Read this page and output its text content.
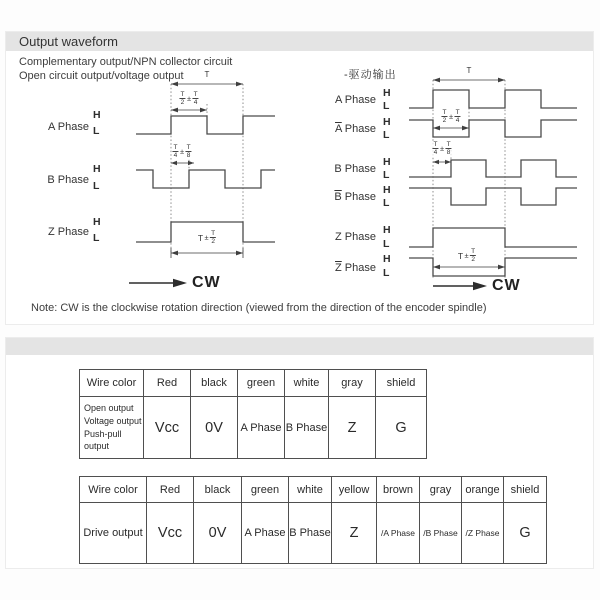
Output waveform
Complementary output/NPN collector circuit
Open circuit output/voltage output	-驱动输出
A Phase
H
L
B Phase
H
L
Z Phase
H
L
T
$\frac{T}{2} \pm \frac{T}{4}$
$\frac{T}{4} \pm \frac{T}{8}$
$T \pm \frac{T}{2}$
CW
A Phase
H
L
$\overline{A}$ Phase
H
L
B Phase
H
L
$\overline{B}$ Phase
H
L
Z Phase
H
L
$\overline{Z}$ Phase
H
L
T
$\frac{T}{2} \pm \frac{T}{4}$
$\frac{T}{4} \pm \frac{T}{8}$
$T \pm \frac{T}{2}$
CW
Note: CW is the clockwise rotation direction (viewed from the direction of the encoder spindle)
Wire color	Red	black	green	white	gray	shield

Open output
Voltage output
Push-pull output	Vcc	0V	A Phase	B Phase	Z	G
Wire color	Red	black	green	white	yellow	brown	gray	orange	shield
Drive output	Vcc	0V	A Phase	B Phase	Z	/A Phase	/B Phase	/Z Phase	G
